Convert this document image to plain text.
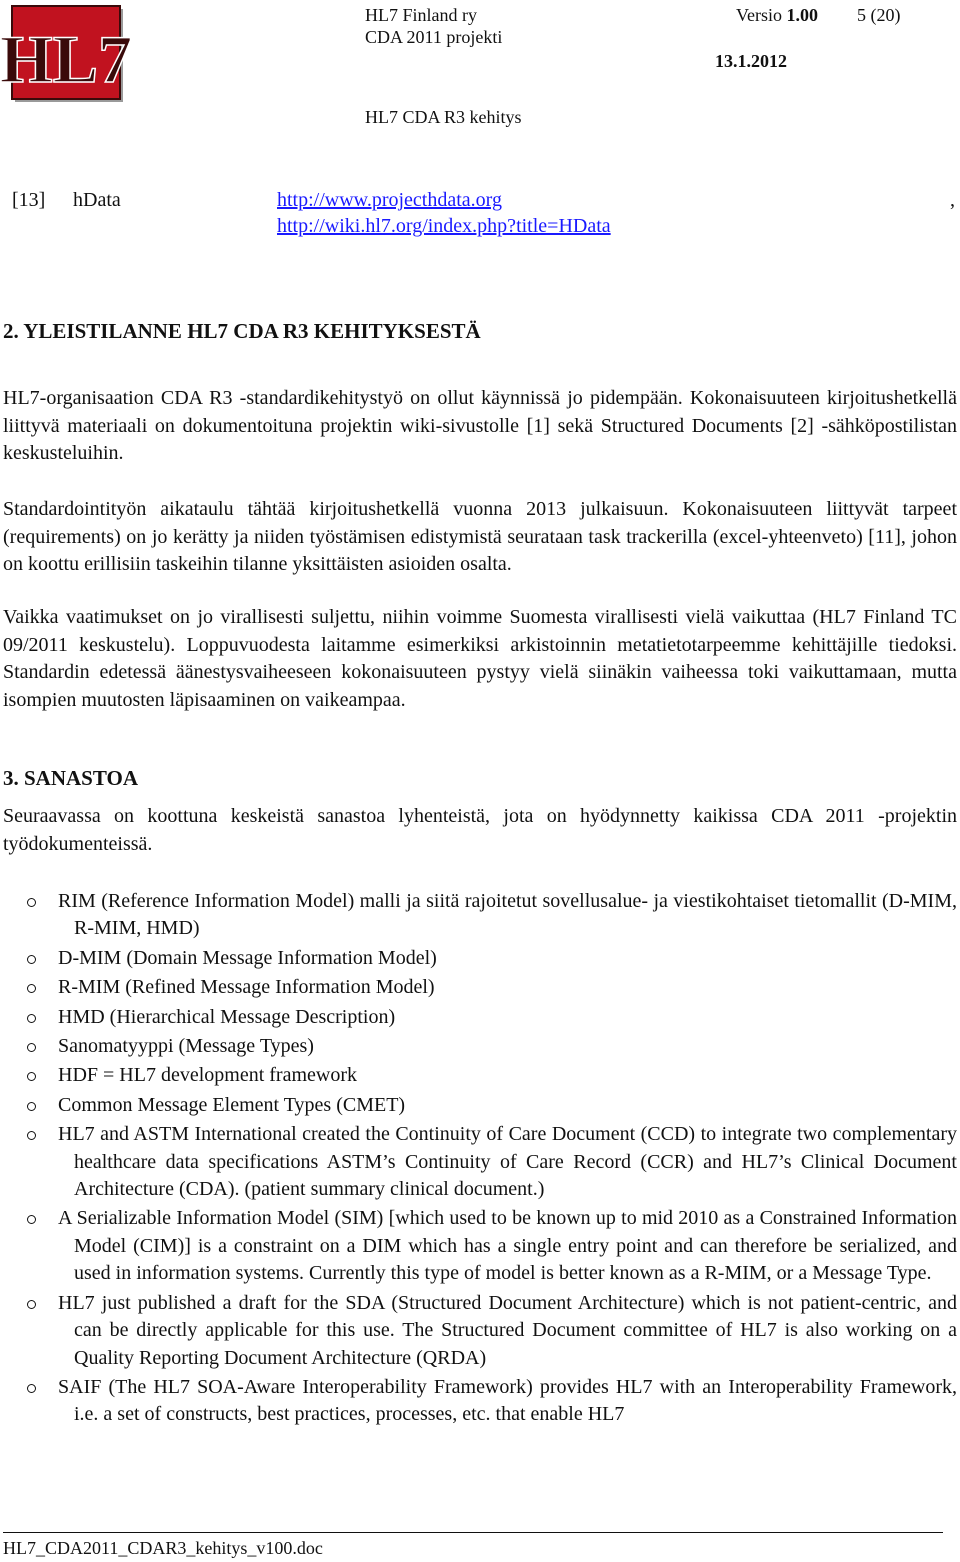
HL7
HL7 Finland ry
CDA 2011 projekti
Versio 1.00 5 (20)
13.1.2012
HL7 CDA R3 kehitys
[13] hData	http://www.projecthdata.org	,
http://wiki.hl7.org/index.php?title=HData
2. YLEISTILANNE HL7 CDA R3 KEHITYKSESTÄ
HL7-organisaation CDA R3 -standardikehitystyö on ollut käynnissä jo pidempään. Kokonaisuuteen kirjoitushetkellä liittyvä materiaali on dokumentoituna projektin wiki-sivustolle [1] sekä Structured Documents [2] -sähköpostilistan keskusteluihin.
Standardointityön aikataulu tähtää kirjoitushetkellä vuonna 2013 julkaisuun. Kokonaisuuteen liittyvät tarpeet (requirements) on jo kerätty ja niiden työstämisen edistymistä seurataan task trackerilla (excel-yhteenveto) [11], johon on koottu erillisiin taskeihin tilanne yksittäisten asioiden osalta.
Vaikka vaatimukset on jo virallisesti suljettu, niihin voimme Suomesta virallisesti vielä vaikuttaa (HL7 Finland TC 09/2011 keskustelu). Loppuvuodesta laitamme esimerkiksi arkistoinnin metatietotarpeemme kehittäjille tiedoksi. Standardin edetessä äänestysvaiheeseen kokonaisuuteen pystyy vielä siinäkin vaiheessa toki vaikuttamaan, mutta isompien muutosten läpisaaminen on vaikeampaa.
3. SANASTOA
Seuraavassa on koottuna keskeistä sanastoa lyhenteistä, jota on hyödynnetty kaikissa CDA 2011 -projektin työdokumenteissä.
RIM (Reference Information Model) malli ja siitä rajoitetut sovellusalue- ja viestikohtaiset tietomallit (D-MIM, R-MIM, HMD)
D-MIM (Domain Message Information Model)
R-MIM (Refined Message Information Model)
HMD (Hierarchical Message Description)
Sanomatyyppi (Message Types)
HDF = HL7 development framework
Common Message Element Types (CMET)
HL7 and ASTM International created the Continuity of Care Document (CCD) to integrate two complementary healthcare data specifications ASTM’s Continuity of Care Record (CCR) and HL7’s Clinical Document Architecture (CDA). (patient summary clinical document.)
A Serializable Information Model (SIM) [which used to be known up to mid 2010 as a Constrained Information Model (CIM)] is a constraint on a DIM which has a single entry point and can therefore be serialized, and used in information systems. Currently this type of model is better known as a R-MIM, or a Message Type.
HL7 just published a draft for the SDA (Structured Document Architecture) which is not patient-centric, and can be directly applicable for this use. The Structured Document committee of HL7 is also working on a Quality Reporting Document Architecture (QRDA)
SAIF (The HL7 SOA-Aware Interoperability Framework) provides HL7 with an Interoperability Framework, i.e. a set of constructs, best practices, processes, etc. that enable HL7
HL7_CDA2011_CDAR3_kehitys_v100.doc
